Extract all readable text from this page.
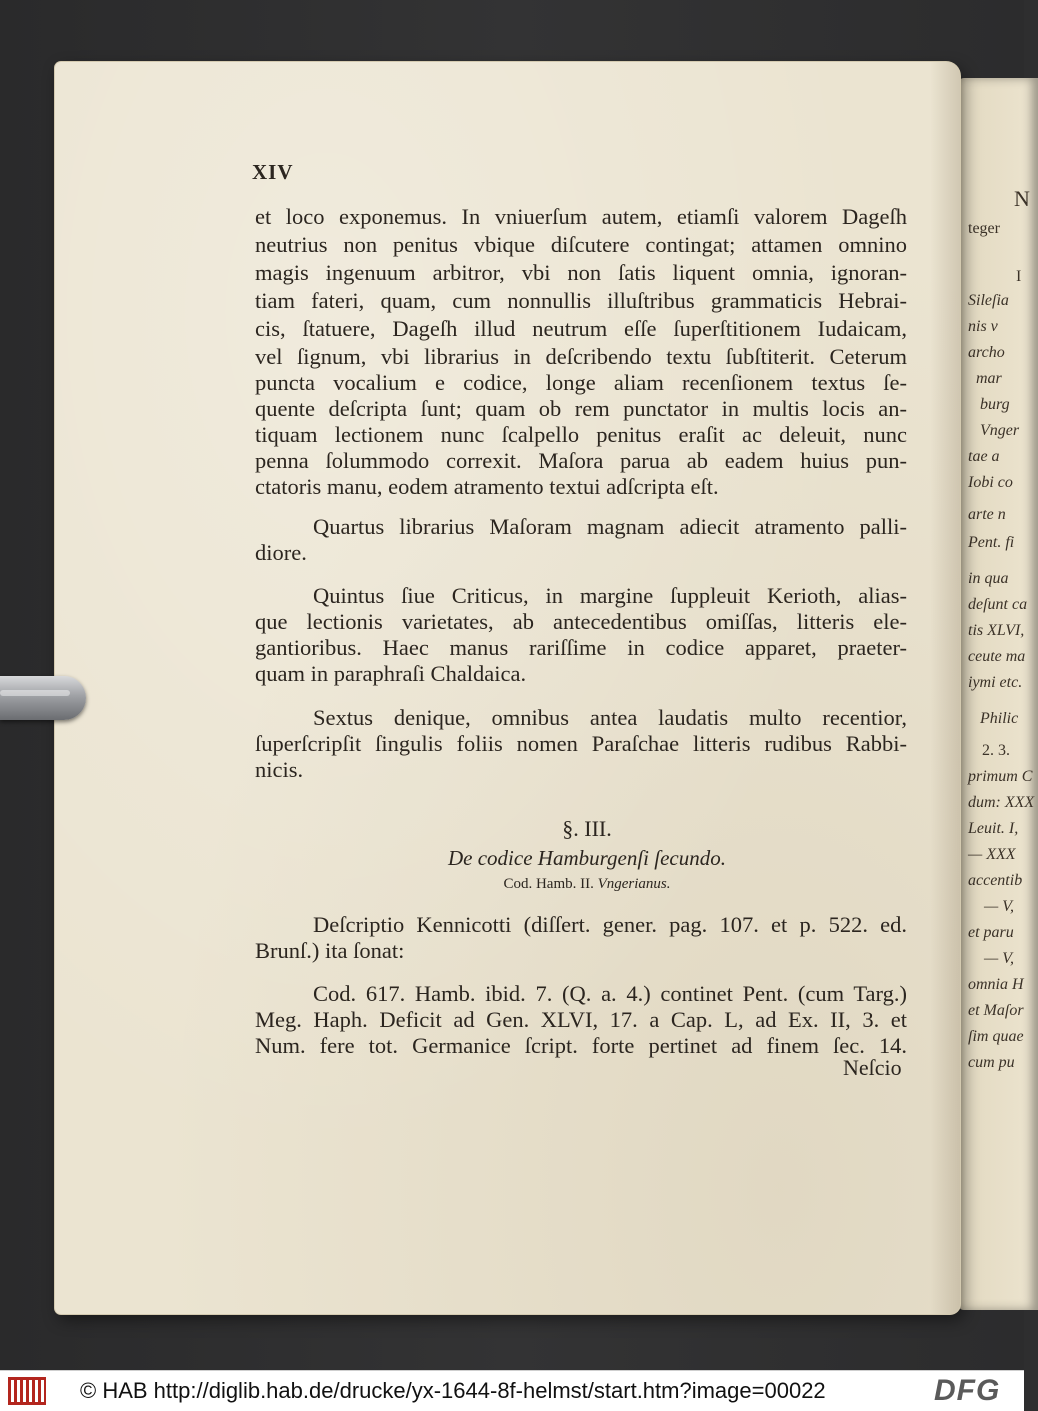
N
teger
I
Sileſia
nis v
archo
mar
burg
Vnger
tae a
Iobi co
arte n
Pent. fi
in qua
deſunt ca
tis XLVI,
ceute ma
iymi etc.
Philic
2. 3.
primum C
dum: XXX
Leuit. I,
— XXX
accentib
— V,
et paru
— V,
omnia H
et Maſor
ſim quae
cum pu
XIV
et loco exponemus. In vniuerſum autem, etiamſi valorem Dageſh
neutrius non penitus vbique diſcutere contingat; attamen omnino
magis ingenuum arbitror, vbi non ſatis liquent omnia, ignoran-
tiam fateri, quam, cum nonnullis illuſtribus grammaticis Hebrai-
cis, ſtatuere, Dageſh illud neutrum eſſe ſuperſtitionem Iudaicam,
vel ſignum, vbi librarius in deſcribendo textu ſubſtiterit. Ceterum
puncta vocalium e codice, longe aliam recenſionem textus ſe-
quente deſcripta ſunt; quam ob rem punctator in multis locis an-
tiquam lectionem nunc ſcalpello penitus eraſit ac deleuit, nunc
penna ſolummodo correxit. Maſora parua ab eadem huius pun-
ctatoris manu, eodem atramento textui adſcripta eſt.
Quartus librarius Maſoram magnam adiecit atramento palli-
diore.
Quintus ſiue Criticus, in margine ſuppleuit Kerioth, alias-
que lectionis varietates, ab antecedentibus omiſſas, litteris ele-
gantioribus. Haec manus rariſſime in codice apparet, praeter-
quam in paraphraſi Chaldaica.
Sextus denique, omnibus antea laudatis multo recentior,
ſuperſcripſit ſingulis foliis nomen Paraſchae litteris rudibus Rabbi-
nicis.
Deſcriptio Kennicotti (diſſert. gener. pag. 107. et p. 522. ed.
Brunſ.) ita ſonat:
Cod. 617. Hamb. ibid. 7. (Q. a. 4.) continet Pent. (cum Targ.)
Meg. Haph. Deficit ad Gen. XLVI, 17. a Cap. L, ad Ex. II, 3. et
Num. fere tot. Germanice ſcript. forte pertinet ad finem ſec. 14.
§. III.
De codice Hamburgenſi ſecundo.
Cod. Hamb. II. Vngerianus.
Neſcio
© HAB http://diglib.hab.de/drucke/yx-1644-8f-helmst/start.htm?image=00022	DFG
